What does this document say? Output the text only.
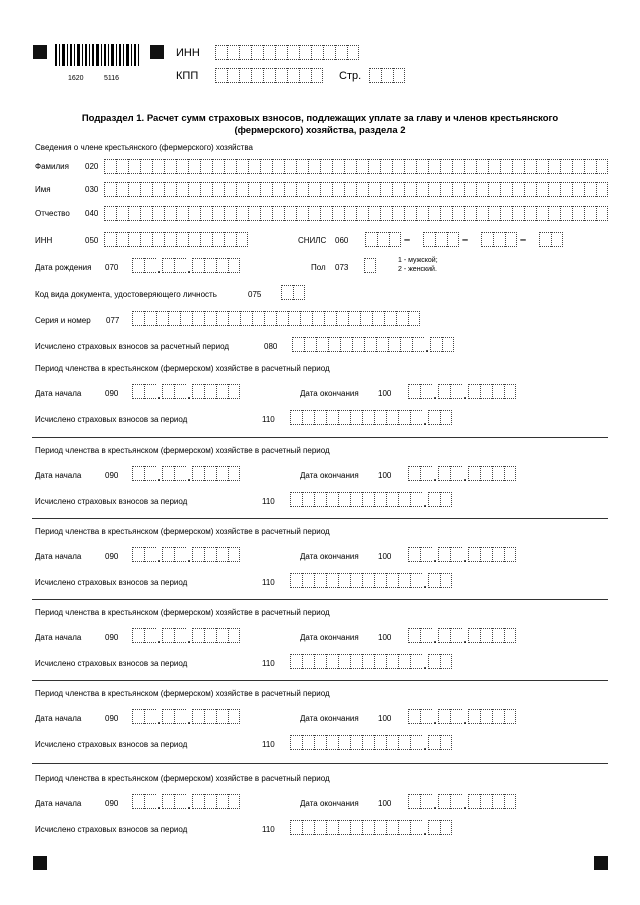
1620	5116
ИНН
КПП	Стр.
Подраздел 1. Расчет сумм страховых взносов, подлежащих уплате за главу и членов крестьянского
(фермерского) хозяйства, раздела 2
Сведения о члене крестьянского (фермерского) хозяйства
Фамилия 020
Имя	030
Отчество 040
ИНН	050	СНИЛС 060	–	–	–
Дата рождения 070	. .	Пол 073
1 - мужской;
2 - женский.
Код вида документа, удостоверяющего личность	075
Серия и номер 077
Исчислено страховых взносов за расчетный период	080	.
Период членства в крестьянском (фермерском) хозяйстве в расчетный период
Дата начала	090	. .	Дата окончания 100	. .
Исчислено страховых взносов за период	110	.
Период членства в крестьянском (фермерском) хозяйстве в расчетный период
Дата начала	090	. .	Дата окончания 100	. .
Исчислено страховых взносов за период	110	.
Период членства в крестьянском (фермерском) хозяйстве в расчетный период
Дата начала	090	. .	Дата окончания 100	. .
Исчислено страховых взносов за период	110	.
Период членства в крестьянском (фермерском) хозяйстве в расчетный период
Дата начала	090	. .	Дата окончания 100	. .
Исчислено страховых взносов за период	110	.
Период членства в крестьянском (фермерском) хозяйстве в расчетный период
Дата начала	090	. .	Дата окончания 100	. .
Исчислено страховых взносов за период	110	.
Период членства в крестьянском (фермерском) хозяйстве в расчетный период
Дата начала	090	. .	Дата окончания 100	. .
Исчислено страховых взносов за период	110	.
